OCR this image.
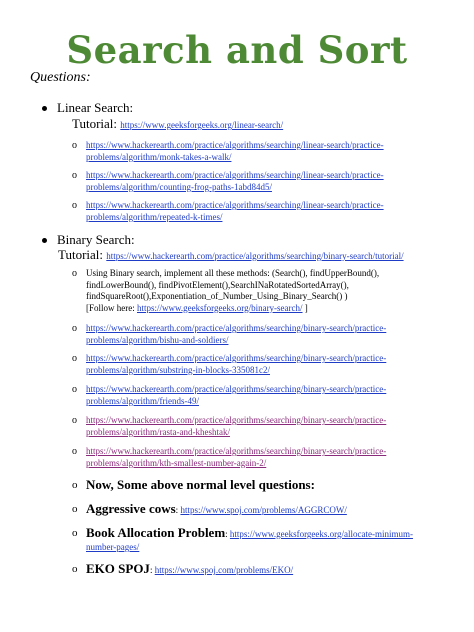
Search and Sort
Questions:
Linear Search:
Tutorial: https://www.geeksforgeeks.org/linear-search/
o https://www.hackerearth.com/practice/algorithms/searching/linear-search/practice-
problems/algorithm/monk-takes-a-walk/
o https://www.hackerearth.com/practice/algorithms/searching/linear-search/practice-
problems/algorithm/counting-frog-paths-1abd84d5/
o https://www.hackerearth.com/practice/algorithms/searching/linear-search/practice-
problems/algorithm/repeated-k-times/
Binary Search:
Tutorial: https://www.hackerearth.com/practice/algorithms/searching/binary-search/tutorial/
o Using Binary search, implement all these methods: (Search(), findUpperBound(),
findLowerBound(), findPivotElement(),SearchINaRotatedSortedArray(),
findSquareRoot(),Exponentiation_of_Number_Using_Binary_Search() )
[Follow here: https://www.geeksforgeeks.org/binary-search/ ]
o https://www.hackerearth.com/practice/algorithms/searching/binary-search/practice-
problems/algorithm/bishu-and-soldiers/
o https://www.hackerearth.com/practice/algorithms/searching/binary-search/practice-
problems/algorithm/substring-in-blocks-335081c2/
o https://www.hackerearth.com/practice/algorithms/searching/binary-search/practice-
problems/algorithm/friends-49/
o https://www.hackerearth.com/practice/algorithms/searching/binary-search/practice-
problems/algorithm/rasta-and-kheshtak/
o https://www.hackerearth.com/practice/algorithms/searching/binary-search/practice-
problems/algorithm/kth-smallest-number-again-2/
o Now, Some above normal level questions:
o Aggressive cows: https://www.spoj.com/problems/AGGRCOW/
o Book Allocation Problem: https://www.geeksforgeeks.org/allocate-minimum-
number-pages/
o EKO SPOJ: https://www.spoj.com/problems/EKO/
